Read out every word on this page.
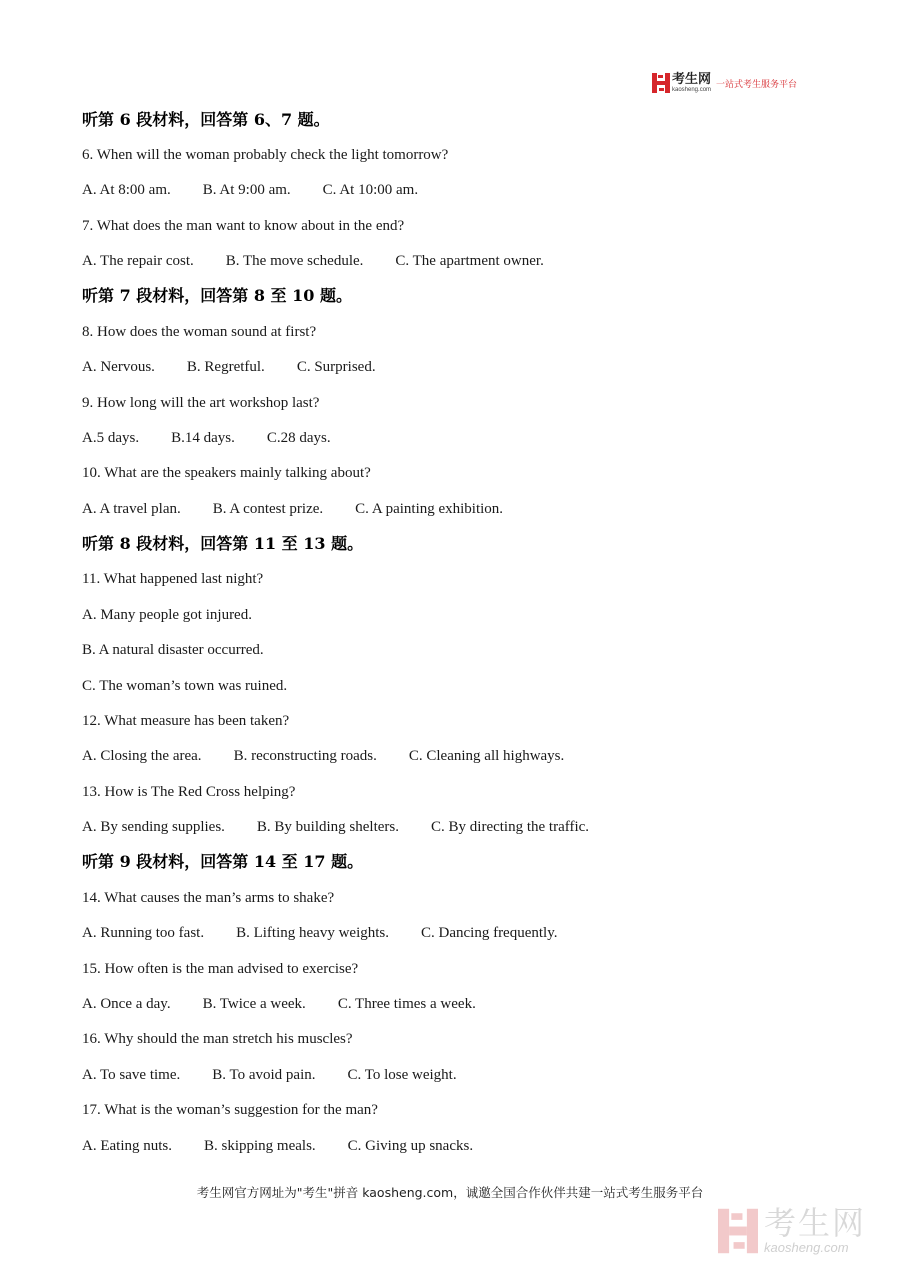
考生网
kaosheng.com
一站式考生服务平台
听第 6 段材料，回答第 6、7 题。
6. When will the woman probably check the light tomorrow?
A. At 8:00 am. B. At 9:00 am. C. At 10:00 am.
7. What does the man want to know about in the end?
A. The repair cost. B. The move schedule. C. The apartment owner.
听第 7 段材料，回答第 8 至 10 题。
8. How does the woman sound at first?
A. Nervous. B. Regretful. C. Surprised.
9. How long will the art workshop last?
A.5 days. B.14 days. C.28 days.
10. What are the speakers mainly talking about?
A. A travel plan. B. A contest prize. C. A painting exhibition.
听第 8 段材料，回答第 11 至 13 题。
11. What happened last night?
A. Many people got injured.
B. A natural disaster occurred.
C. The woman’s town was ruined.
12. What measure has been taken?
A. Closing the area. B. reconstructing roads. C. Cleaning all highways.
13. How is The Red Cross helping?
A. By sending supplies. B. By building shelters. C. By directing the traffic.
听第 9 段材料，回答第 14 至 17 题。
14. What causes the man’s arms to shake?
A. Running too fast. B. Lifting heavy weights. C. Dancing frequently.
15. How often is the man advised to exercise?
A. Once a day. B. Twice a week. C. Three times a week.
16. Why should the man stretch his muscles?
A. To save time. B. To avoid pain. C. To lose weight.
17. What is the woman’s suggestion for the man?
A. Eating nuts. B. skipping meals. C. Giving up snacks.
考生网官方网址为"考生"拼音 kaosheng.com，诚邀全国合作伙伴共建一站式考生服务平台
考生网
kaosheng.com
